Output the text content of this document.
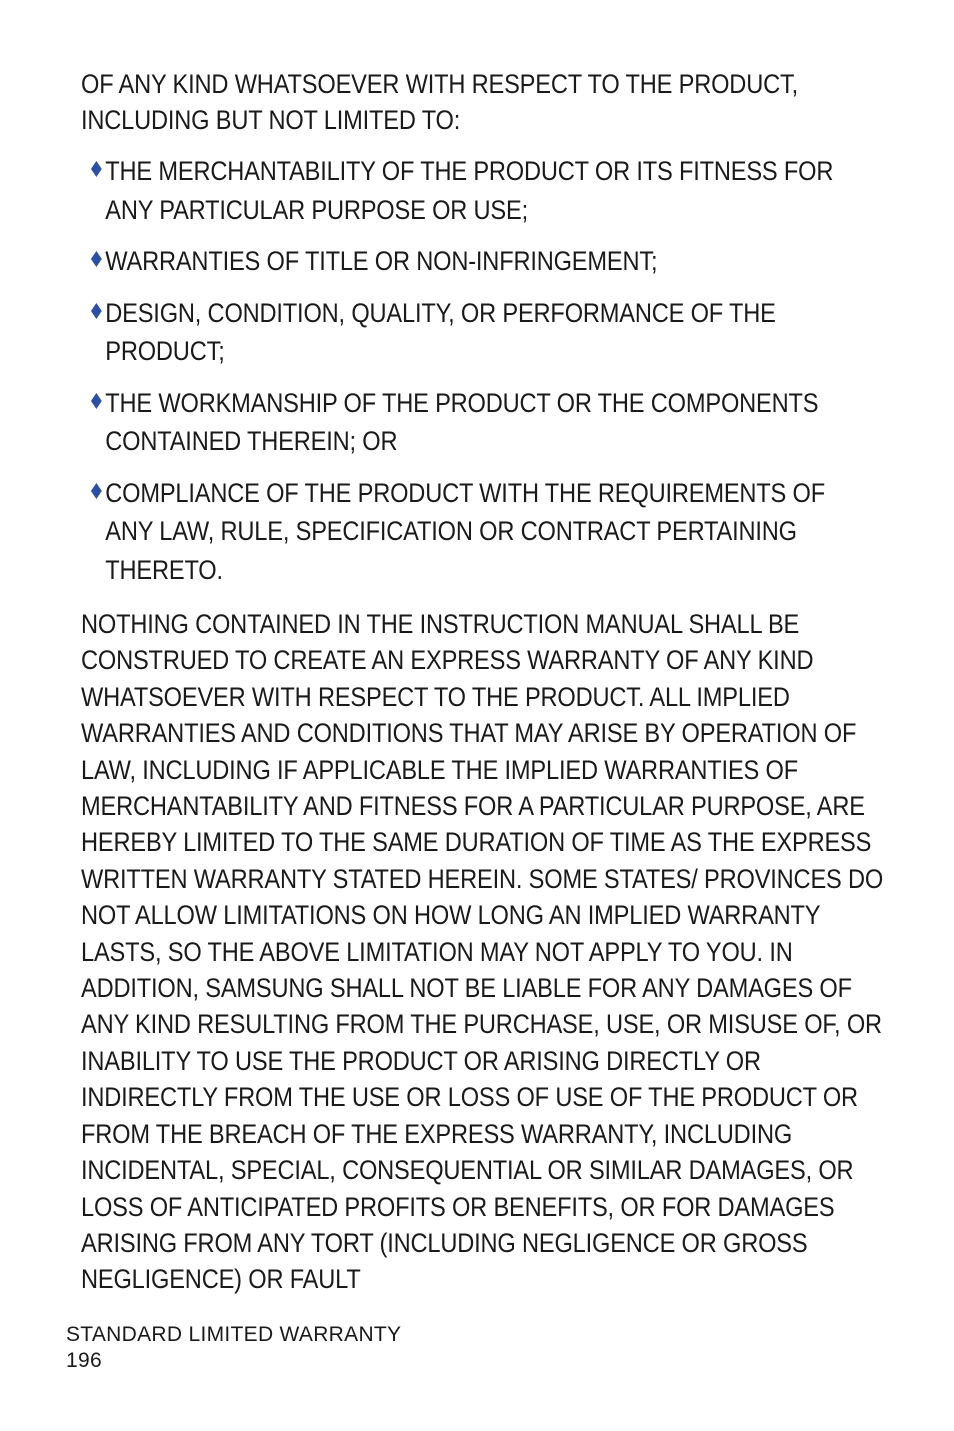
OF ANY KIND WHATSOEVER WITH RESPECT TO THE PRODUCT, INCLUDING BUT NOT LIMITED TO:

♦ THE MERCHANTABILITY OF THE PRODUCT OR ITS FITNESS FOR ANY PARTICULAR PURPOSE OR USE;
♦ WARRANTIES OF TITLE OR NON-INFRINGEMENT;
♦ DESIGN, CONDITION, QUALITY, OR PERFORMANCE OF THE PRODUCT;
♦ THE WORKMANSHIP OF THE PRODUCT OR THE COMPONENTS CONTAINED THEREIN; OR
♦ COMPLIANCE OF THE PRODUCT WITH THE REQUIREMENTS OF ANY LAW, RULE, SPECIFICATION OR CONTRACT PERTAINING THERETO.

NOTHING CONTAINED IN THE INSTRUCTION MANUAL SHALL BE CONSTRUED TO CREATE AN EXPRESS WARRANTY OF ANY KIND WHATSOEVER WITH RESPECT TO THE PRODUCT. ALL IMPLIED WARRANTIES AND CONDITIONS THAT MAY ARISE BY OPERATION OF LAW, INCLUDING IF APPLICABLE THE IMPLIED WARRANTIES OF MERCHANTABILITY AND FITNESS FOR A PARTICULAR PURPOSE, ARE HEREBY LIMITED TO THE SAME DURATION OF TIME AS THE EXPRESS WRITTEN WARRANTY STATED HEREIN. SOME STATES/ PROVINCES DO NOT ALLOW LIMITATIONS ON HOW LONG AN IMPLIED WARRANTY LASTS, SO THE ABOVE LIMITATION MAY NOT APPLY TO YOU. IN ADDITION, SAMSUNG SHALL NOT BE LIABLE FOR ANY DAMAGES OF ANY KIND RESULTING FROM THE PURCHASE, USE, OR MISUSE OF, OR INABILITY TO USE THE PRODUCT OR ARISING DIRECTLY OR INDIRECTLY FROM THE USE OR LOSS OF USE OF THE PRODUCT OR FROM THE BREACH OF THE EXPRESS WARRANTY, INCLUDING INCIDENTAL, SPECIAL, CONSEQUENTIAL OR SIMILAR DAMAGES, OR LOSS OF ANTICIPATED PROFITS OR BENEFITS, OR FOR DAMAGES ARISING FROM ANY TORT (INCLUDING NEGLIGENCE OR GROSS NEGLIGENCE) OR FAULT

STANDARD LIMITED WARRANTY
196
